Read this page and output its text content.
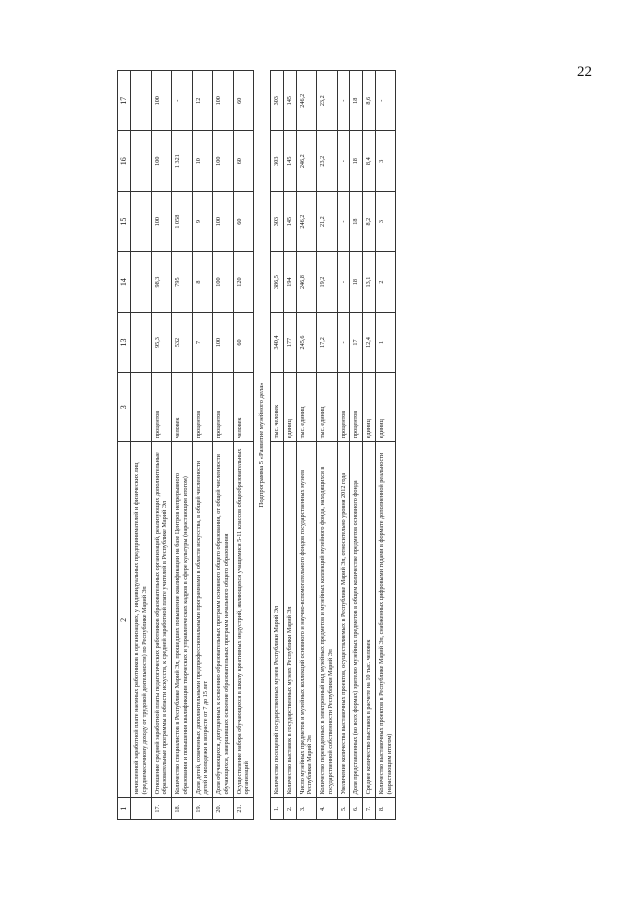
22
1	2	3	13	14	15	16	17
	начисленной заработной плате наемных работников в организациях, у индивидуальных предпринимателей и физических лиц (среднемесячному доходу от трудовой деятельности) по Республике Марий Эл						
17.	Отношение средней заработной платы педагогических работников образовательных организаций, реализующих дополнительные образовательные программы в области искусств, к средней заработной плате учителей в Республике Марий Эл	процентов	95,3	98,3	100	100	100
18.	Количество специалистов в Республике Марий Эл, прошедших повышение квалификации на базе Центров непрерывного образования и повышения квалификации творческих и управленческих кадров в сфере культуры (нарастающим итогом)	человек	532	795	1 058	1 321	-
19.	Доля детей, охваченных дополнительными предпрофессиональными программами в области искусства, в общей численности детей и молодежи в возрасте от 7 до 15 лет	процентов	7	8	9	10	12
20.	Доля обучающихся, допущенных к освоению образовательных программ основного общего образования, от общей численности обучающихся, завершивших освоение образовательных программ начального общего образования	процентов	100	100	100	100	100
21.	Осуществление набора обучающихся в школу креативных индустрий, являющихся учащимися 5-11 классов общеобразовательных организаций	человек	60	120	60	60	60
Подпрограмма 5 «Развитие музейного дела»							
1.	Количество посещений государственных музеев Республики Марий Эл	тыс. человек	340,4	386,5	303	303	303
2.	Количество выставок в государственных музеях Республики Марий Эл	единиц	177	194	145	145	145
3.	Число музейных предметов и музейных коллекций основного и научно-вспомогательного фондов государственных музеев Республики Марий Эл	тыс. единиц	245,6	246,8	246,2	246,2	246,2
4.	Количество переведенных в электронный вид музейных предметов и музейных коллекций музейного фонда, находящихся в государственной собственности Республики Марий Эл	тыс. единиц	17,2	19,2	21,2	23,2	23,2
5.	Увеличение количества выставочных проектов, осуществляемых в Республике Марий Эл, относительно уровня 2012 года	процентов	-	-	-	-	-
6.	Доля представленных (во всех формах) зрителю музейных предметов в общем количестве предметов основного фонда	процентов	17	18	18	18	18
7.	Среднее количество выставок в расчете на 10 тыс. человек	единиц	12,4	13,1	8,2	8,4	8,6
8.	Количество выставочных проектов в Республике Марий Эл, снабженных цифровыми гидами в формате дополненной реальности (нарастающим итогом)	единиц	1	2	3	3	-
